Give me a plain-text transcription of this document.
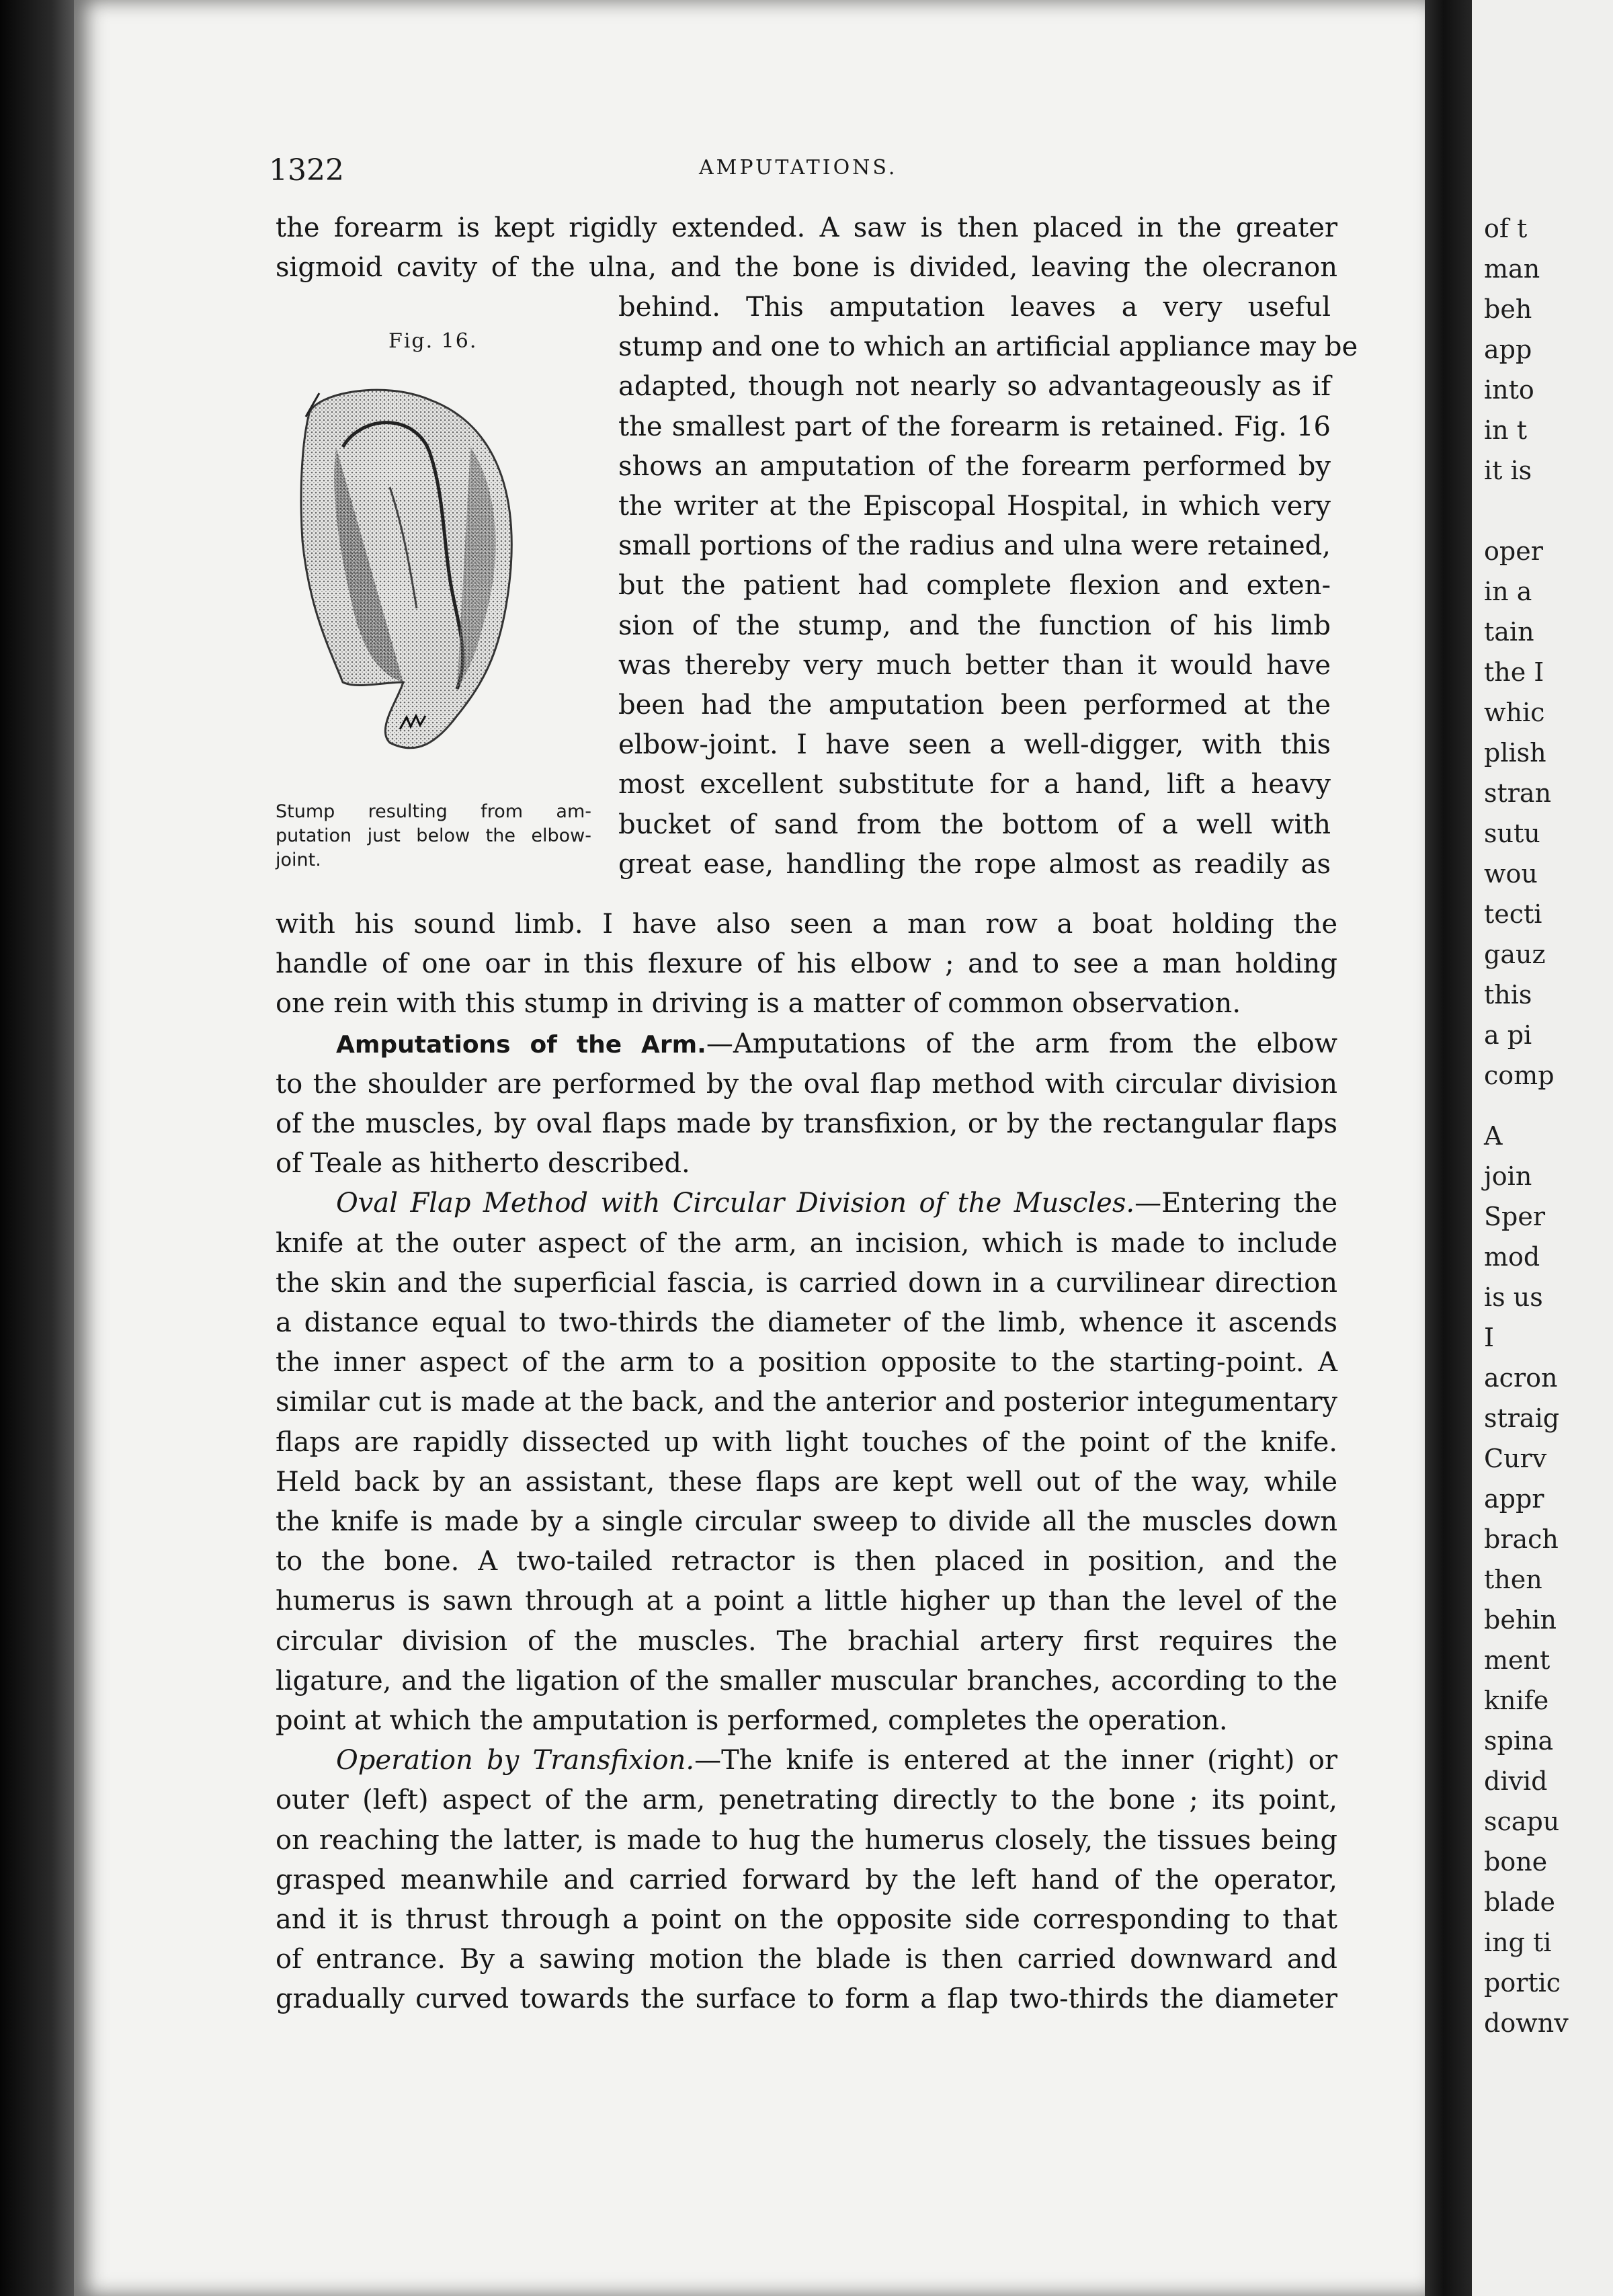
of t
man
beh
app
into
in t
it is
oper
in a
tain
the I
whic
plish
stran
sutu
wou
tecti
gauz
this
a pi
comp
A
join
Sper
mod
is us
I
acron
straig
Curv
appr
brach
then
behin
ment
knife
spina
divid
scapu
bone
blade
ing ti
portic
downv
1322	AMPUTATIONS.
the forearm is kept rigidly extended. A saw is then placed in the greater
sigmoid cavity of the ulna, and the bone is divided, leaving the olecranon
Fig. 16.
Stump resulting from am-
putation just below the elbow-
joint.
behind. This amputation leaves a very useful
stump and one to which an artificial appliance may be
adapted, though not nearly so advantageously as if
the smallest part of the forearm is retained. Fig. 16
shows an amputation of the forearm performed by
the writer at the Episcopal Hospital, in which very
small portions of the radius and ulna were retained,
but the patient had complete flexion and exten-
sion of the stump, and the function of his limb
was thereby very much better than it would have
been had the amputation been performed at the
elbow-joint. I have seen a well-digger, with this
most excellent substitute for a hand, lift a heavy
bucket of sand from the bottom of a well with
great ease, handling the rope almost as readily as
with his sound limb. I have also seen a man row a boat holding the
handle of one oar in this flexure of his elbow ; and to see a man holding
one rein with this stump in driving is a matter of common observation.
Amputations of the Arm.—Amputations of the arm from the elbow
to the shoulder are performed by the oval flap method with circular division
of the muscles, by oval flaps made by transfixion, or by the rectangular flaps
of Teale as hitherto described.
Oval Flap Method with Circular Division of the Muscles.—Entering the
knife at the outer aspect of the arm, an incision, which is made to include
the skin and the superficial fascia, is carried down in a curvilinear direction
a distance equal to two-thirds the diameter of the limb, whence it ascends
the inner aspect of the arm to a position opposite to the starting-point. A
similar cut is made at the back, and the anterior and posterior integumentary
flaps are rapidly dissected up with light touches of the point of the knife.
Held back by an assistant, these flaps are kept well out of the way, while
the knife is made by a single circular sweep to divide all the muscles down
to the bone. A two-tailed retractor is then placed in position, and the
humerus is sawn through at a point a little higher up than the level of the
circular division of the muscles. The brachial artery first requires the
ligature, and the ligation of the smaller muscular branches, according to the
point at which the amputation is performed, completes the operation.
Operation by Transfixion.—The knife is entered at the inner (right) or
outer (left) aspect of the arm, penetrating directly to the bone ; its point,
on reaching the latter, is made to hug the humerus closely, the tissues being
grasped meanwhile and carried forward by the left hand of the operator,
and it is thrust through a point on the opposite side corresponding to that
of entrance. By a sawing motion the blade is then carried downward and
gradually curved towards the surface to form a flap two-thirds the diameter
